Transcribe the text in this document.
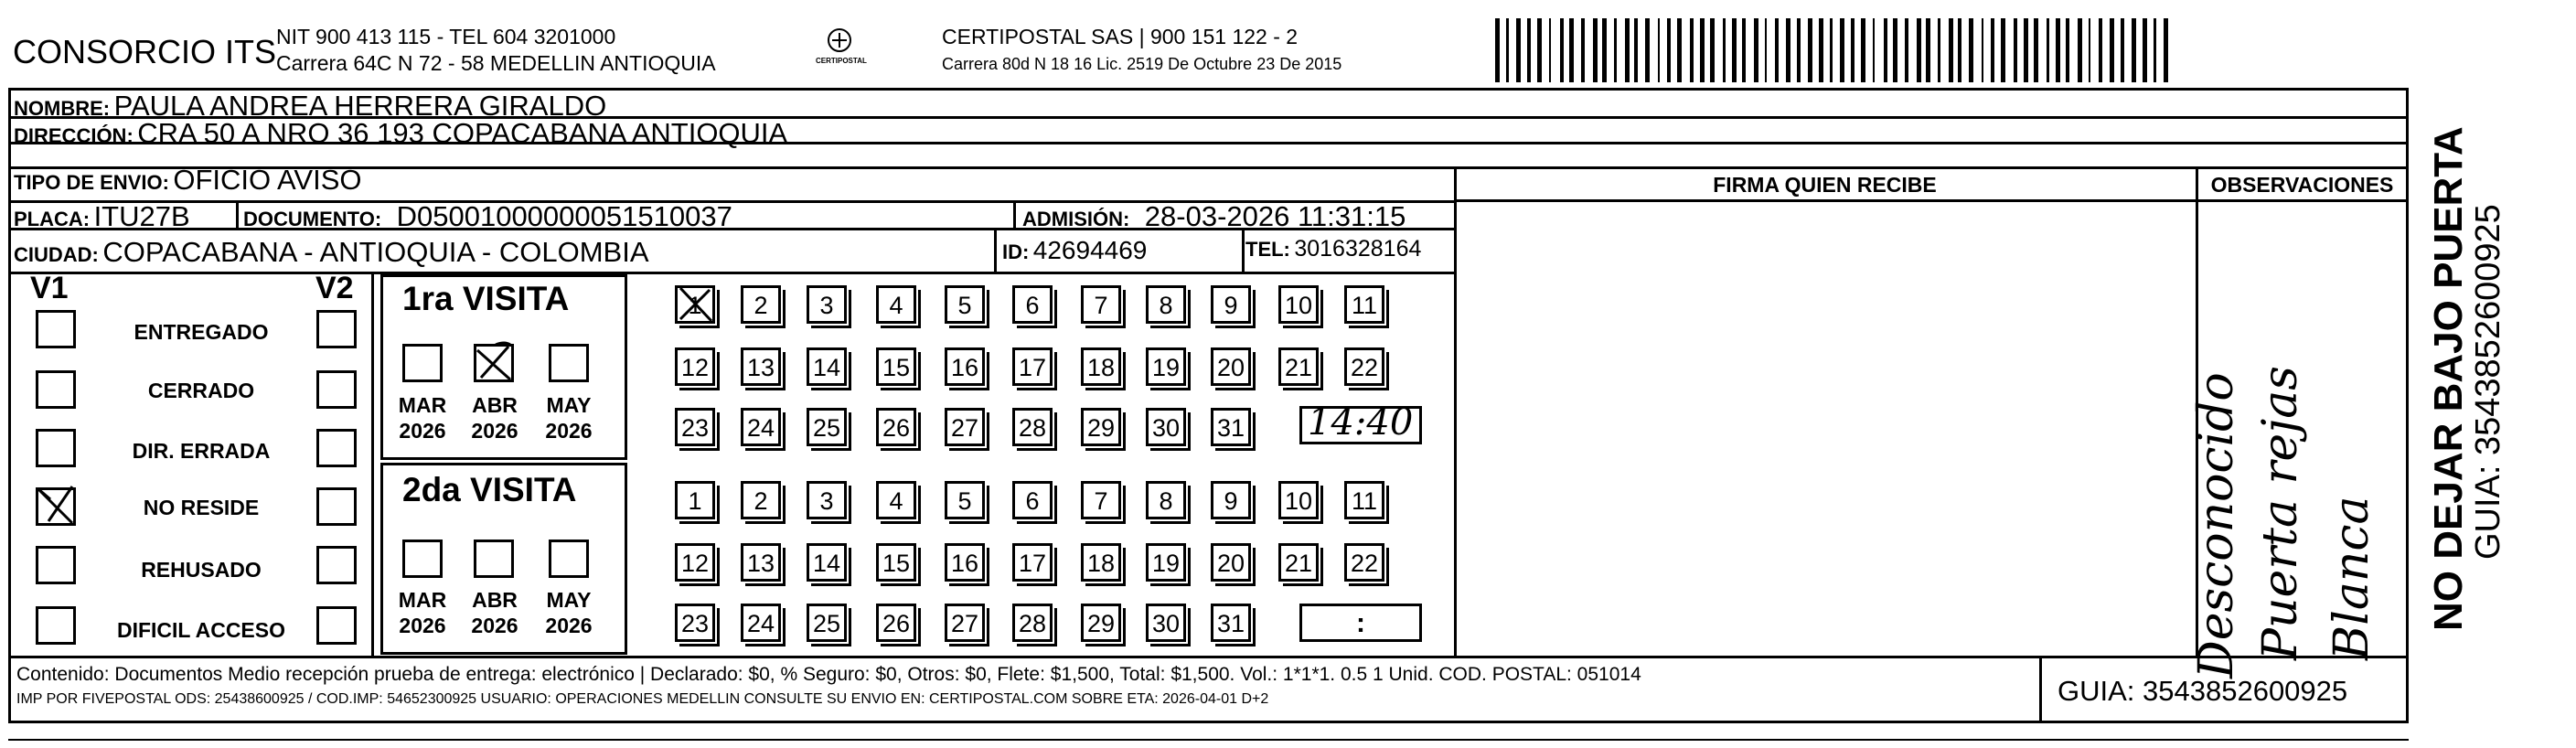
CONSORCIO ITS NIT 900 413 115 - TEL 604 3201000
Carrera 64C N 72 - 58 MEDELLIN ANTIOQUIA	CERTIPOSTAL
CERTIPOSTAL SAS | 900 151 122 - 2
Carrera 80d N 18 16 Lic. 2519 De Octubre 23 De 2015
NOMBRE: PAULA ANDREA HERRERA GIRALDO
DIRECCIÓN: CRA 50 A NRO 36 193 COPACABANA ANTIOQUIA
TIPO DE ENVIO: OFICIO AVISO
PLACA: ITU27B	DOCUMENTO: D05001000000051510037	ADMISIÓN: 28-03-2026 11:31:15
CIUDAD: COPACABANA - ANTIOQUIA - COLOMBIA	ID: 42694469	TEL: 3016328164
FIRMA QUIEN RECIBE	OBSERVACIONES
Desconocido Puerta rejas Blanca
V1	V2
ENTREGADO
CERRADO
DIR. ERRADA
NO RESIDE
REHUSADO
DIFICIL ACCESO
1ra VISITA
MAR	ABR	MAY
2026	2026	2026
2da VISITA
MAR	ABR	MAY
2026	2026	2026
1	2	3	4	5	6	7	8	9	10 11
12 13 14 15 16 17 18 19 20 21 22
23 24 25 26 27 28 29 30 31
1	2	3	4	5	6	7	8	9	10 11
12 13 14 15 16 17 18 19 20 21 22
23 24 25 26 27 28 29 30 31
14:40
:
Contenido: Documentos Medio recepción prueba de entrega: electrónico | Declarado: $0, % Seguro: $0, Otros: $0, Flete: $1,500, Total: $1,500. Vol.: 1*1*1. 0.5 1 Unid. COD. POSTAL: 051014
IMP POR FIVEPOSTAL ODS: 25438600925 / COD.IMP: 54652300925 USUARIO: OPERACIONES MEDELLIN CONSULTE SU ENVIO EN: CERTIPOSTAL.COM SOBRE ETA: 2026-04-01 D+2	GUIA: 3543852600925
NO DEJAR BAJO PUERTA
GUIA: 3543852600925
